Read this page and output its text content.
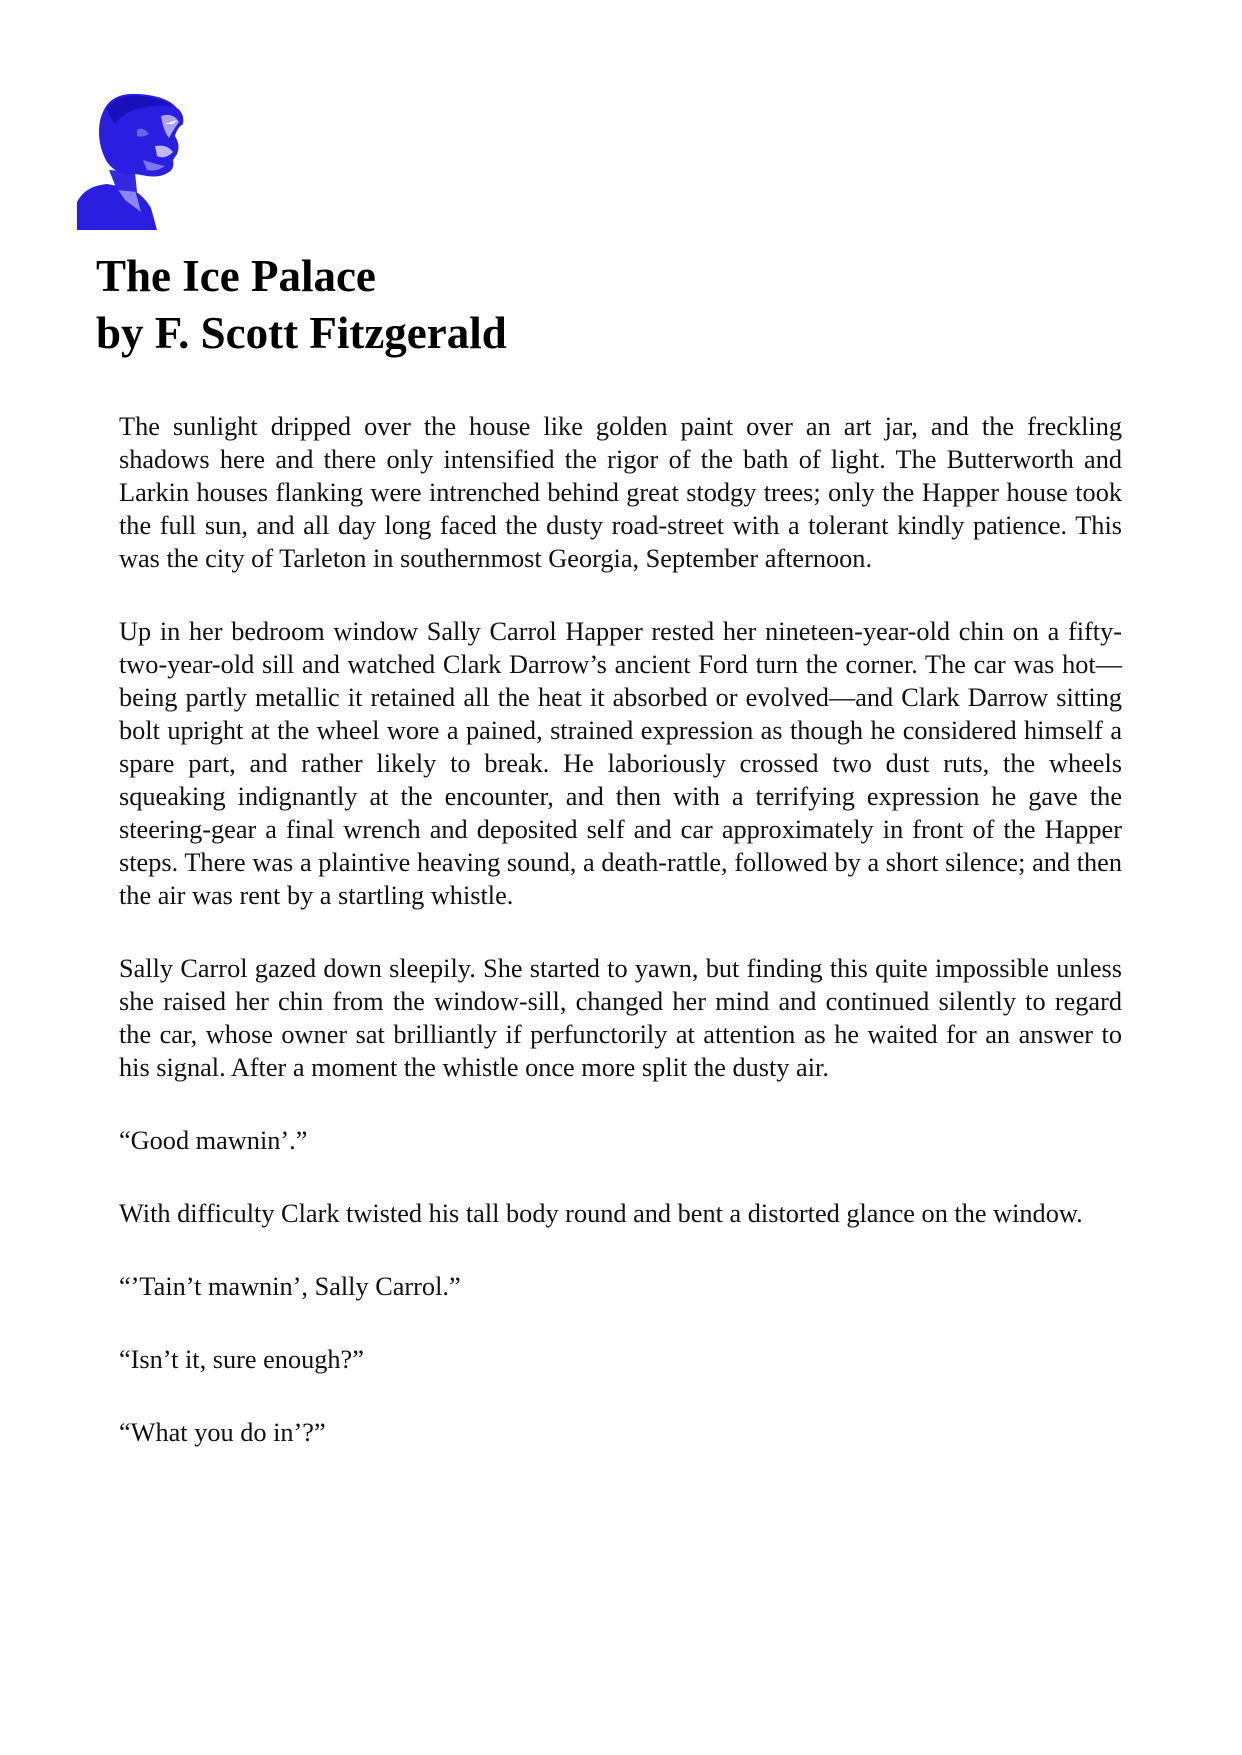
The Ice Palace
by F. Scott Fitzgerald

The sunlight dripped over the house like golden paint over an art jar, and the freckling shadows here and there only intensified the rigor of the bath of light. The Butterworth and Larkin houses flanking were intrenched behind great stodgy trees; only the Happer house took the full sun, and all day long faced the dusty road-street with a tolerant kindly patience. This was the city of Tarleton in southernmost Georgia, September afternoon.

Up in her bedroom window Sally Carrol Happer rested her nineteen-year-old chin on a fifty-two-year-old sill and watched Clark Darrow’s ancient Ford turn the corner. The car was hot—being partly metallic it retained all the heat it absorbed or evolved—and Clark Darrow sitting bolt upright at the wheel wore a pained, strained expression as though he considered himself a spare part, and rather likely to break. He laboriously crossed two dust ruts, the wheels squeaking indignantly at the encounter, and then with a terrifying expression he gave the steering-gear a final wrench and deposited self and car approximately in front of the Happer steps. There was a plaintive heaving sound, a death-rattle, followed by a short silence; and then the air was rent by a startling whistle.

Sally Carrol gazed down sleepily. She started to yawn, but finding this quite impossible unless she raised her chin from the window-sill, changed her mind and continued silently to regard the car, whose owner sat brilliantly if perfunctorily at attention as he waited for an answer to his signal. After a moment the whistle once more split the dusty air.

“Good mawnin’.”

With difficulty Clark twisted his tall body round and bent a distorted glance on the window.

“’Tain’t mawnin’, Sally Carrol.”

“Isn’t it, sure enough?”

“What you do in’?”
